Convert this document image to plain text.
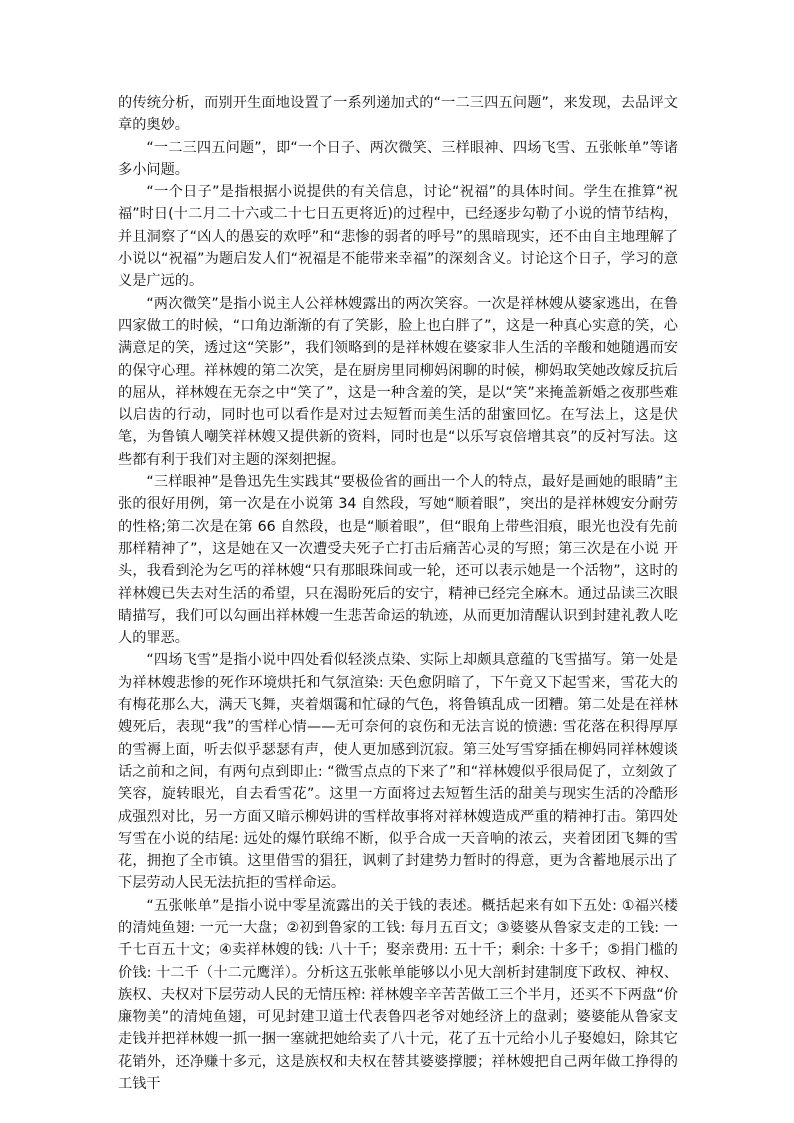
的传统分析，而别开生面地设置了一系列递加式的“一二三四五问题”，来发现，去品评文章的奥妙。

“一二三四五问题”，即“一个日子、两次微笑、三样眼神、四场飞雪、五张帐单”等诸多小问题。

“一个日子”是指根据小说提供的有关信息，讨论“祝福”的具体时间。学生在推算“祝福”时日(十二月二十六或二十七日五更将近)的过程中，已经逐步勾勒了小说的情节结构，并且洞察了“凶人的愚妄的欢呼”和“悲惨的弱者的呼号”的黑暗现实，还不由自主地理解了小说以“祝福”为题启发人们“祝福是不能带来幸福”的深刻含义。讨论这个日子，学习的意义是广远的。

“两次微笑”是指小说主人公祥林嫂露出的两次笑容。一次是祥林嫂从婆家逃出，在鲁四家做工的时候，“口角边渐渐的有了笑影，脸上也白胖了”，这是一种真心实意的笑，心满意足的笑，透过这“笑影”，我们领略到的是祥林嫂在婆家非人生活的辛酸和她随遇而安的保守心理。祥林嫂的第二次笑，是在厨房里同柳妈闲聊的时候，柳妈取笑她改嫁反抗后的屈从，祥林嫂在无奈之中“笑了”，这是一种含羞的笑，是以“笑”来掩盖新婚之夜那些难以启齿的行动，同时也可以看作是对过去短暂而美生活的甜蜜回忆。在写法上，这是伏笔，为鲁镇人嘲笑祥林嫂又提供新的资料，同时也是“以乐写哀倍增其哀”的反衬写法。这些都有利于我们对主题的深刻把握。

“三样眼神”是鲁迅先生实践其“要极俭省的画出一个人的特点，最好是画她的眼睛”主张的很好用例，第一次是在小说第 34 自然段，写她“顺着眼”，突出的是祥林嫂安分耐劳的性格;第二次是在第 66 自然段，也是“顺着眼”，但“眼角上带些泪痕，眼光也没有先前那样精神了”，这是她在又一次遭受夫死子亡打击后痛苦心灵的写照；第三次是在小说 开头，我看到沦为乞丐的祥林嫂“只有那眼珠间或一轮，还可以表示她是一个活物”，这时的祥林嫂已失去对生活的希望，只在渴盼死后的安宁，精神已经完全麻木。通过品读三次眼睛描写，我们可以勾画出祥林嫂一生悲苦命运的轨迹，从而更加清醒认识到封建礼教人吃人的罪恶。

“四场飞雪”是指小说中四处看似轻淡点染、实际上却颇具意蕴的飞雪描写。第一处是为祥林嫂悲惨的死作环境烘托和气氛渲染: 天色愈阴暗了，下午竟又下起雪来，雪花大的有梅花那么大，满天飞舞，夹着烟霭和忙碌的气色，将鲁镇乱成一团糟。第二处是在祥林嫂死后，表现“我”的雪样心情——无可奈何的哀伤和无法言说的愤懑: 雪花落在积得厚厚的雪褥上面，听去似乎瑟瑟有声，使人更加感到沉寂。第三处写雪穿插在柳妈同祥林嫂谈话之前和之间，有两句点到即止: “微雪点点的下来了”和“祥林嫂似乎很局促了，立刻敛了笑容，旋转眼光，自去看雪花”。这里一方面将过去短暂生活的甜美与现实生活的冷酷形成强烈对比，另一方面又暗示柳妈讲的雪样故事将对祥林嫂造成严重的精神打击。第四处写雪在小说的结尾: 远处的爆竹联绵不断，似乎合成一天音响的浓云，夹着团团飞舞的雪花，拥抱了全市镇。这里借雪的猖狂，讽刺了封建势力暂时的得意，更为含蓄地展示出了下层劳动人民无法抗拒的雪样命运。

“五张帐单”是指小说中零星流露出的关于钱的表述。概括起来有如下五处: ①福兴楼的清炖鱼翅: 一元一大盘；②初到鲁家的工钱: 每月五百文；③婆婆从鲁家支走的工钱: 一千七百五十文；④卖祥林嫂的钱: 八十千；娶亲费用: 五十千；剩余: 十多千；⑤捐门槛的价钱: 十二千（十二元鹰洋）。分析这五张帐单能够以小见大剖析封建制度下政权、神权、族权、夫权对下层劳动人民的无情压榨: 祥林嫂辛辛苦苦做工三个半月，还买不下两盘“价廉物美”的清炖鱼翅，可见封建卫道士代表鲁四老爷对她经济上的盘剥；婆婆能从鲁家支走钱并把祥林嫂一抓一捆一塞就把她给卖了八十元，花了五十元给小儿子娶媳妇，除其它花销外，还净赚十多元，这是族权和夫权在替其婆婆撑腰；祥林嫂把自己两年做工挣得的工钱干
